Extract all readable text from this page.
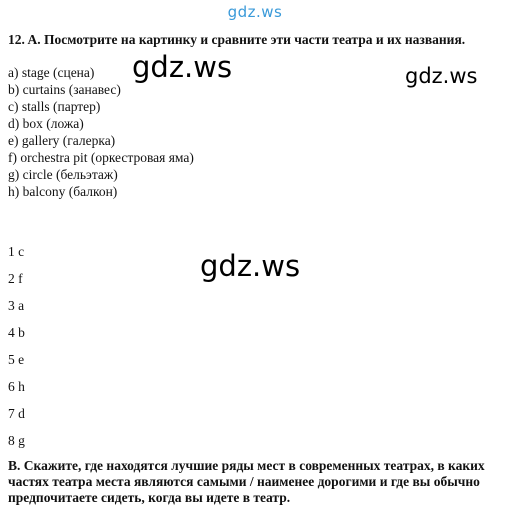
gdz.ws
12. A. Посмотрите на картинку и сравните эти части театра и их названия.
a) stage (сцена)
b) curtains (занавес)
c) stalls (партер)
d) box (ложа)
e) gallery (галерка)
f) orchestra pit (оркестровая яма)
g) circle (бельэтаж)
h) balcony (балкон)
1 c
2 f
3 a
4 b
5 e
6 h
7 d
8 g
B. Скажите, где находятся лучшие ряды мест в современных театрах, в каких частях театра места являются самыми / наименее дорогими и где вы обычно предпочитаете сидеть, когда вы идете в театр.
gdz.ws	gdz.ws
gdz.ws
